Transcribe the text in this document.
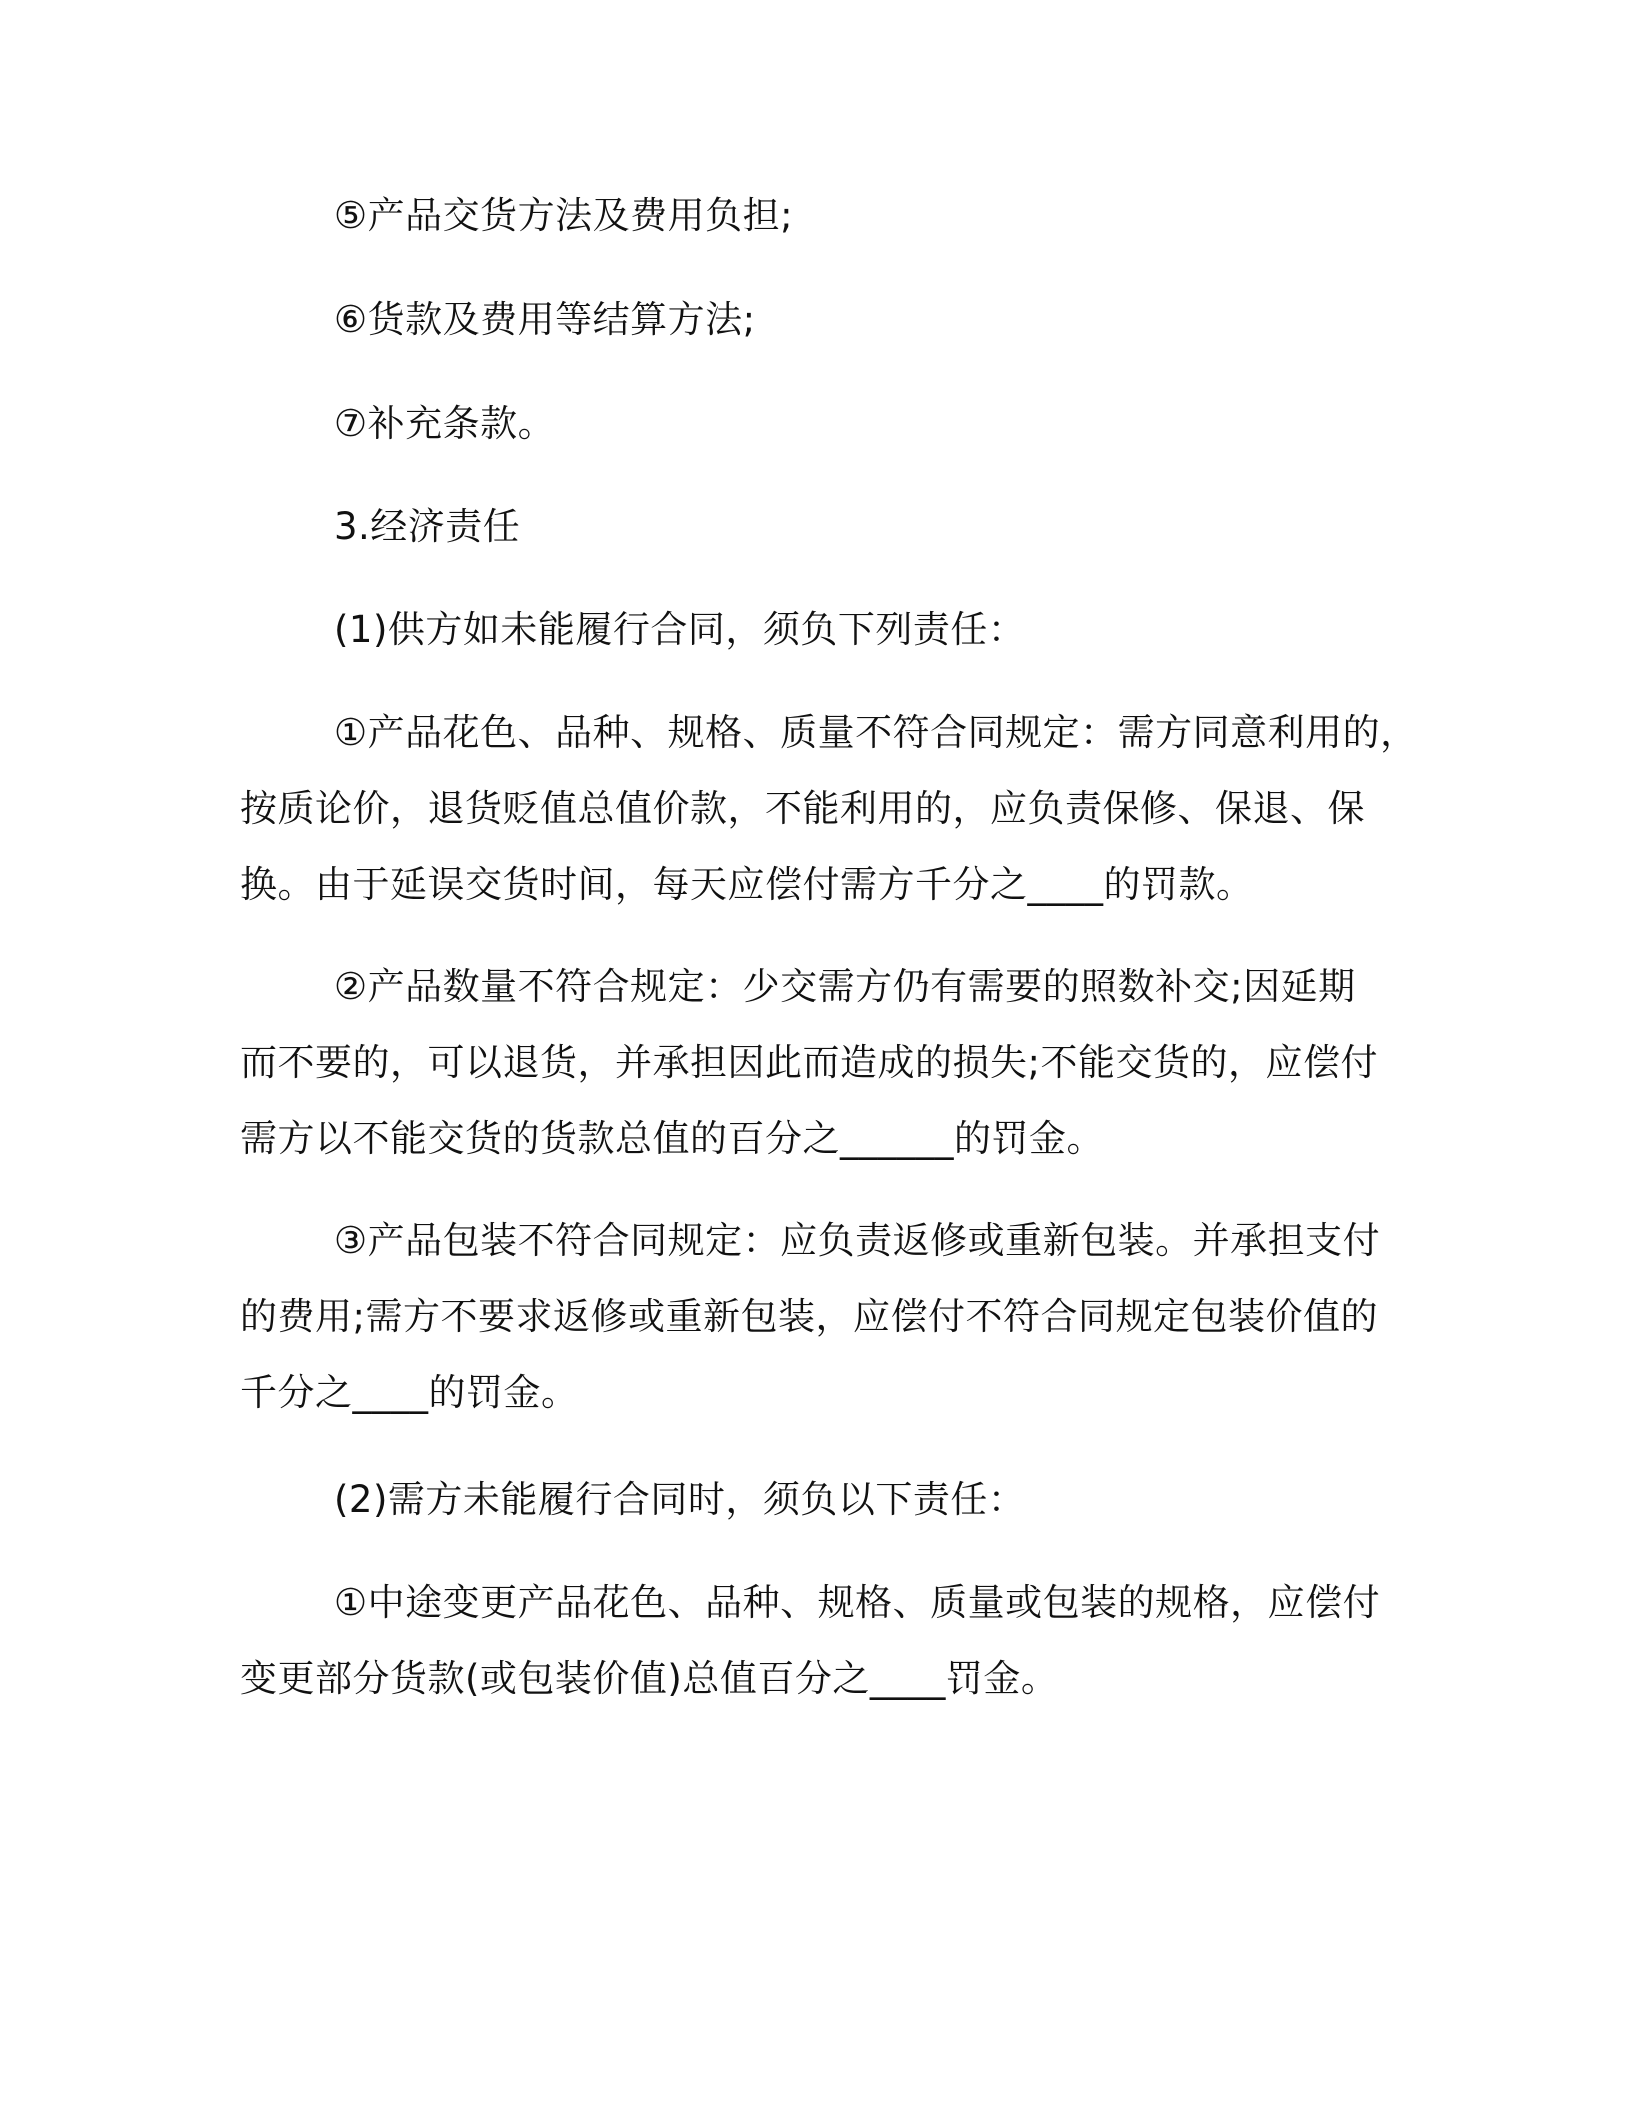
⑤产品交货方法及费用负担;

⑥货款及费用等结算方法;

⑦补充条款。

3.经济责任

(1)供方如未能履行合同，须负下列责任：

①产品花色、品种、规格、质量不符合同规定：需方同意利用的，
按质论价，退货贬值总值价款，不能利用的，应负责保修、保退、保
换。由于延误交货时间，每天应偿付需方千分之____的罚款。

②产品数量不符合规定：少交需方仍有需要的照数补交;因延期
而不要的，可以退货，并承担因此而造成的损失;不能交货的，应偿付
需方以不能交货的货款总值的百分之______的罚金。

③产品包装不符合同规定：应负责返修或重新包装。并承担支付
的费用;需方不要求返修或重新包装，应偿付不符合同规定包装价值的
千分之____的罚金。

(2)需方未能履行合同时，须负以下责任：

①中途变更产品花色、品种、规格、质量或包装的规格，应偿付
变更部分货款(或包装价值)总值百分之____罚金。
